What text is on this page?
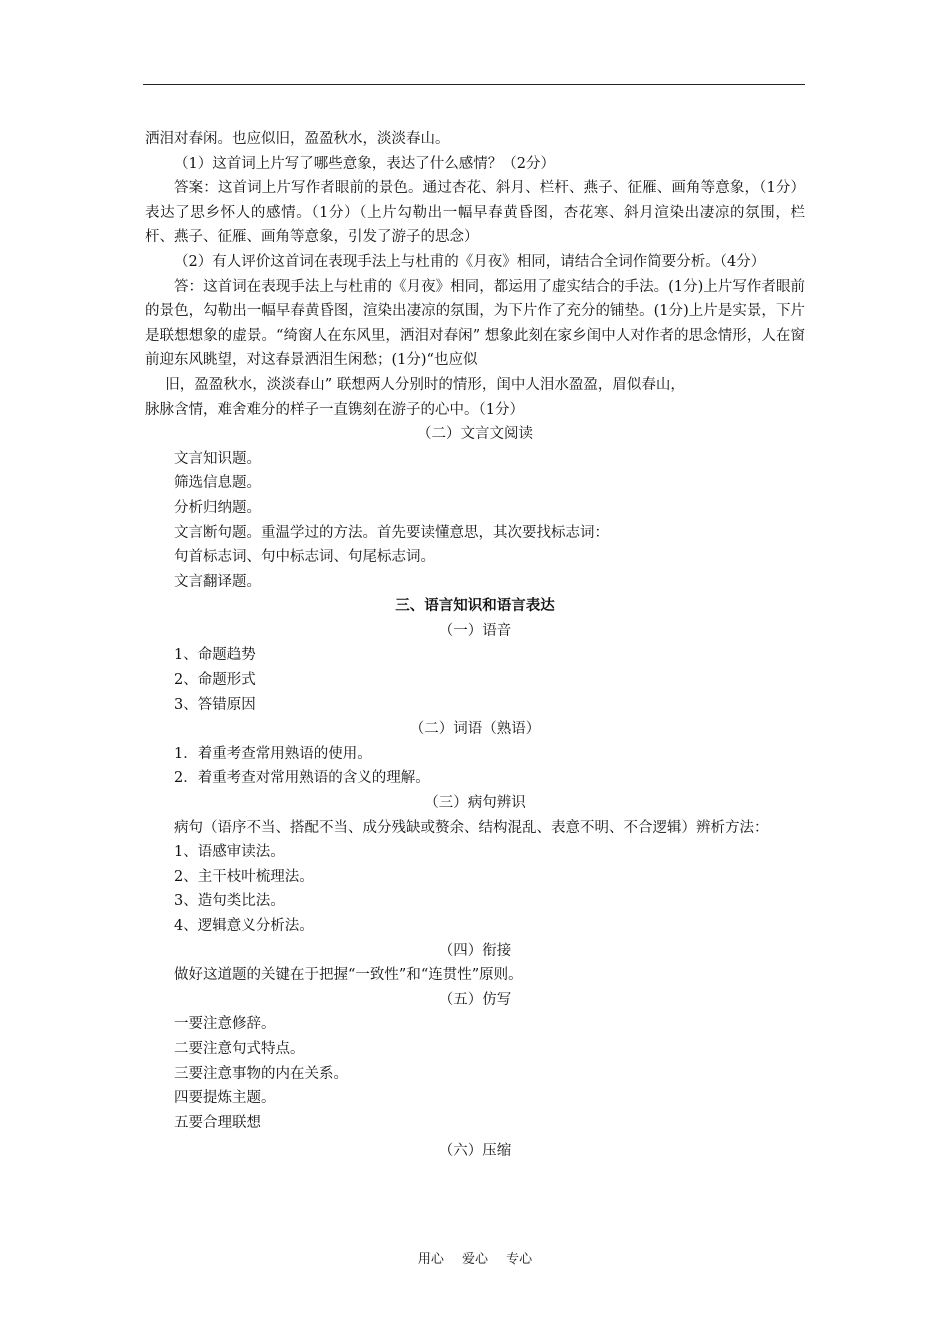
洒泪对春闲。也应似旧，盈盈秋水，淡淡春山。

（1）这首词上片写了哪些意象，表达了什么感情？（2分）

答案：这首词上片写作者眼前的景色。通过杏花、斜月、栏杆、燕子、征雁、画角等意象，（1分）表达了思乡怀人的感情。（1分）（上片勾勒出一幅早春黄昏图，杏花寒、斜月渲染出凄凉的氛围，栏杆、燕子、征雁、画角等意象，引发了游子的思念）

（2）有人评价这首词在表现手法上与杜甫的《月夜》相同，请结合全词作简要分析。（4分）

答：这首词在表现手法上与杜甫的《月夜》相同，都运用了虚实结合的手法。(1分)上片写作者眼前的景色，勾勒出一幅早春黄昏图，渲染出凄凉的氛围，为下片作了充分的铺垫。(1分)上片是实景，下片是联想想象的虚景。“绮窗人在东风里，洒泪对春闲” 想象此刻在家乡闺中人对作者的思念情形，人在窗前迎东风眺望，对这春景洒泪生闲愁；(1分)“也应似

旧，盈盈秋水，淡淡春山” 联想两人分别时的情形，闺中人泪水盈盈，眉似春山，

脉脉含情，难舍难分的样子一直镌刻在游子的心中。（1分）

（二）文言文阅读

文言知识题。

筛选信息题。

分析归纳题。

文言断句题。重温学过的方法。首先要读懂意思，其次要找标志词：

句首标志词、句中标志词、句尾标志词。

文言翻译题。

三、语言知识和语言表达

（一）语音

1、命题趋势

2、命题形式

3、答错原因

（二）词语（熟语）

1．着重考查常用熟语的使用。

2．着重考查对常用熟语的含义的理解。

（三）病句辨识

病句（语序不当、搭配不当、成分残缺或赘余、结构混乱、表意不明、不合逻辑）辨析方法：

1、语感审读法。

2、主干枝叶梳理法。

3、造句类比法。

4、逻辑意义分析法。

（四）衔接

做好这道题的关键在于把握“一致性”和“连贯性”原则。

（五）仿写

一要注意修辞。

二要注意句式特点。

三要注意事物的内在关系。

四要提炼主题。

五要合理联想

（六）压缩

用心 爱心 专心
